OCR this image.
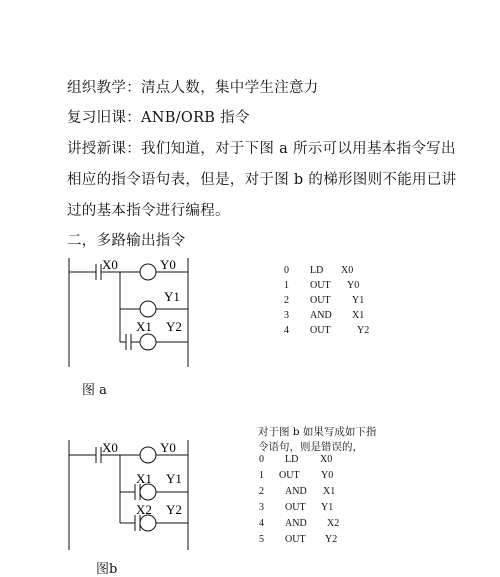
组织教学：清点人数，集中学生注意力
复习旧课：ANB/ORB 指令
讲授新课：我们知道，对于下图 a 所示可以用基本指令写出
相应的指令语句表，但是，对于图 b 的梯形图则不能用已讲
过的基本指令进行编程。
二，多路输出指令
X0	Y0
Y1
X1 Y2
0 LD X0
1 OUT Y0
2 OUT Y1
3 AND X1
4 OUT	Y2
图 a
对于图 b 如果写成如下指
令语句，则是错误的，
X0	Y0
X1 Y1
X2 Y2
0 LD X0
1 OUT Y0
2 AND X1
3 OUT Y1
4 AND X2
5 OUT Y2
图b
